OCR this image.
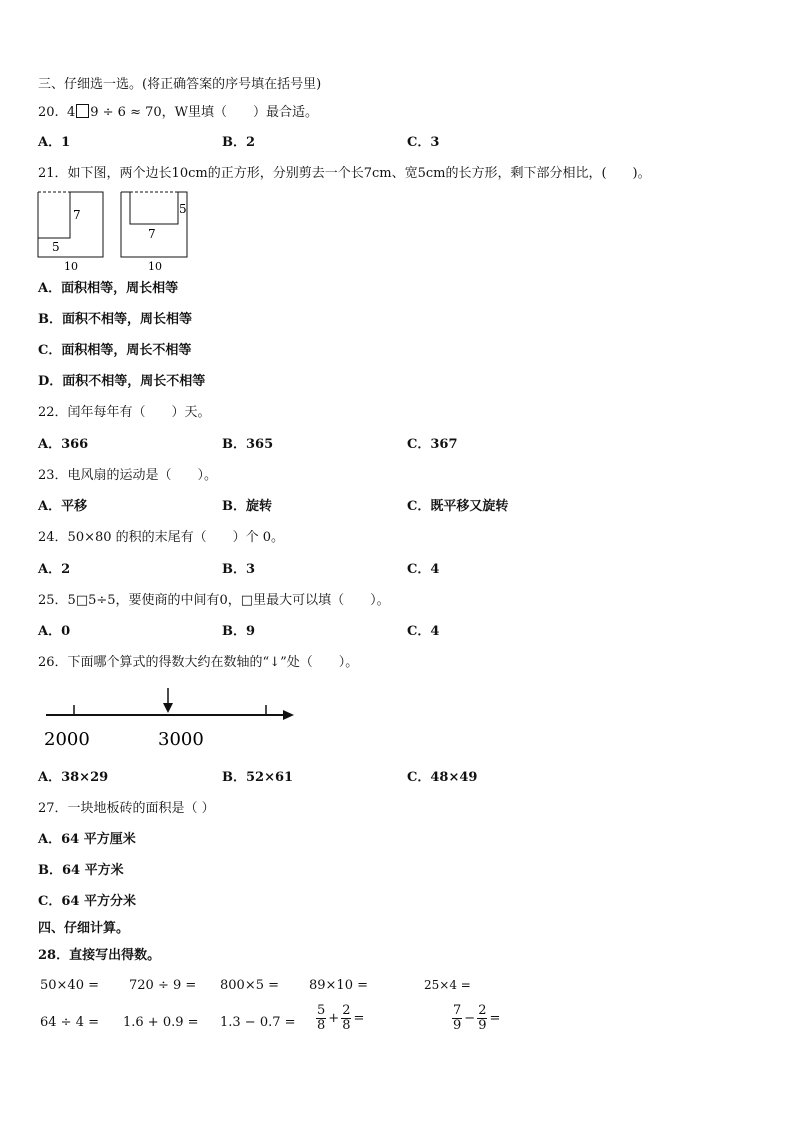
三、仔细选一选。(将正确答案的序号填在括号里)
20. 4 9 ÷ 6 ≈ 70，W里填（　　）最合适。
A．1	B．2	C．3
21．如下图，两个边长10cm的正方形，分别剪去一个长7cm、宽5cm的长方形，剩下部分相比，(　　)。
7
5
10
5
7
10
A．面积相等，周长相等
B．面积不相等，周长相等
C．面积相等，周长不相等
D．面积不相等，周长不相等
22．闰年每年有（　　）天。
A．366	B．365	C．367
23．电风扇的运动是（　　）。
A．平移	B．旋转	C．既平移又旋转
24．50×80 的积的末尾有（　　）个 0。
A．2	B．3	C．4
25．5□5÷5，要使商的中间有0，□里最大可以填（　　）。
A．0	B．9	C．4
26．下面哪个算式的得数大约在数轴的“↓”处（　　）。
2000	3000
A．38×29	B．52×61	C．48×49
27．一块地板砖的面积是（ ）
A．64 平方厘米
B．64 平方米
C．64 平方分米
四、仔细计算。
28．直接写出得数。
50×40 = 720 ÷ 9 = 800×5 = 89×10 =	25×4 =
$64 \div 4 = 1.6 + 0.9 = 1.3 - 0.7 = \frac{5}{8} + \frac{2}{8}$ =	$\frac{7}{9} - \frac{2}{9}$ =
